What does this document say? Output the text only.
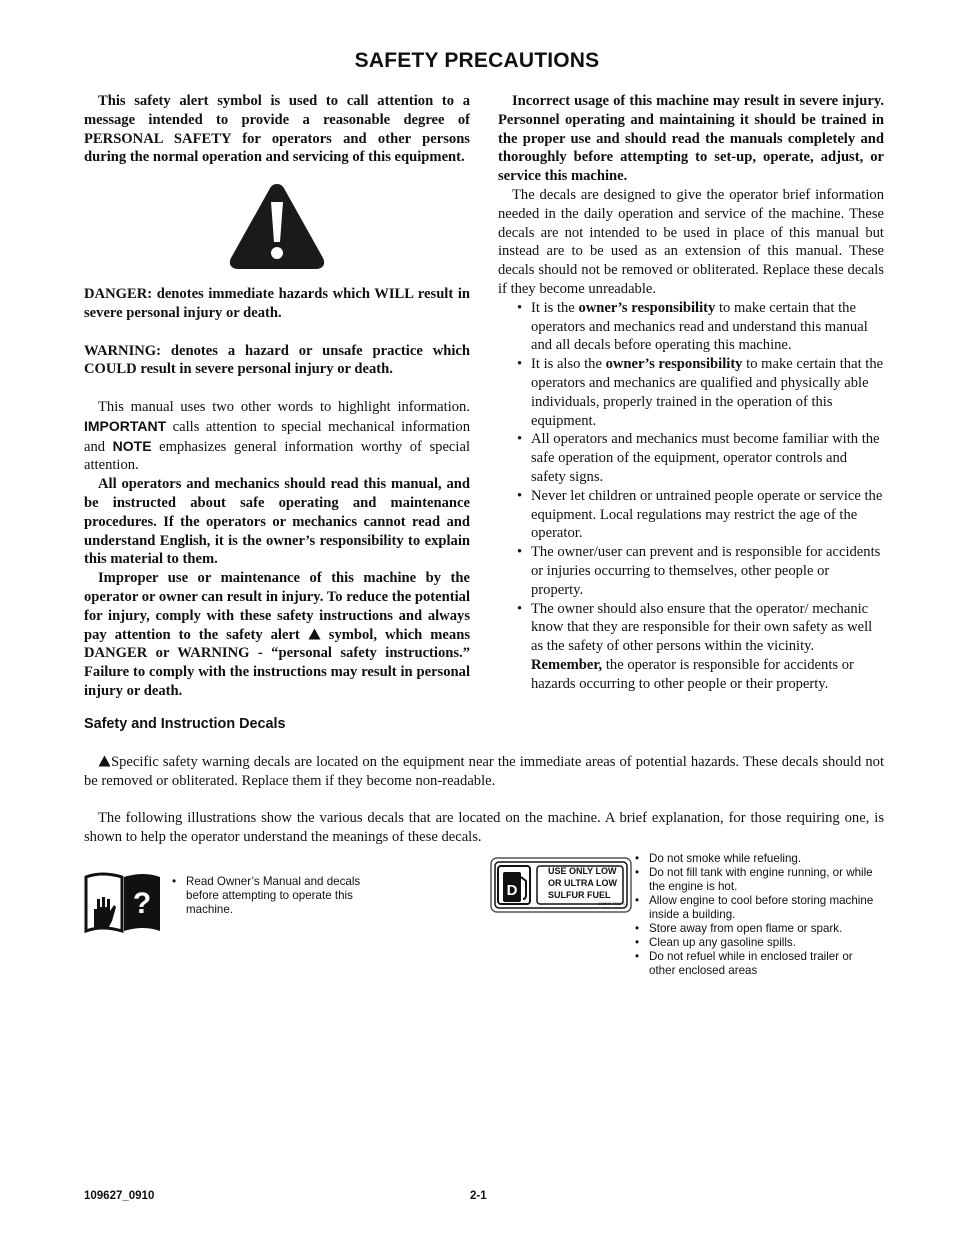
SAFETY PRECAUTIONS

This safety alert symbol is used to call attention to a message intended to provide a reasonable degree of PERSONAL SAFETY for operators and other persons during the normal operation and servicing of this equipment.

DANGER: denotes immediate hazards which WILL result in severe personal injury or death.

WARNING: denotes a hazard or unsafe practice which COULD result in severe personal injury or death.

This manual uses two other words to highlight information. IMPORTANT calls attention to special mechanical information and NOTE emphasizes general information worthy of special attention.

All operators and mechanics should read this manual, and be instructed about safe operating and maintenance procedures. If the operators or mechanics cannot read and understand English, it is the owner’s responsibility to explain this material to them.

Improper use or maintenance of this machine by the operator or owner can result in injury. To reduce the potential for injury, comply with these safety instructions and always pay attention to the safety alert symbol, which means DANGER or WARNING - “personal safety instructions.” Failure to comply with the instructions may result in personal injury or death.

Incorrect usage of this machine may result in severe injury. Personnel operating and maintaining it should be trained in the proper use and should read the manuals completely and thoroughly before attempting to set-up, operate, adjust, or service this machine.

The decals are designed to give the operator brief information needed in the daily operation and service of the machine. These decals are not intended to be used in place of this manual but instead are to be used as an extension of this manual. These decals should not be removed or obliterated. Replace these decals if they become unreadable.

• It is the owner’s responsibility to make certain that the operators and mechanics read and understand this manual and all decals before operating this machine.
• It is also the owner’s responsibility to make certain that the operators and mechanics are qualified and physically able individuals, properly trained in the operation of this equipment.
• All operators and mechanics must become familiar with the safe operation of the equipment, operator controls and safety signs.
• Never let children or untrained people operate or service the equipment. Local regulations may restrict the age of the operator.
• The owner/user can prevent and is responsible for accidents or injuries occurring to themselves, other people or property.
• The owner should also ensure that the operator/ mechanic know that they are responsible for their own safety as well as the safety of other persons within the vicinity. Remember, the operator is responsible for accidents or hazards occurring to other people or their property.
Safety and Instruction Decals

Specific safety warning decals are located on the equipment near the immediate areas of potential hazards. These decals should not be removed or obliterated. Replace them if they become non-readable.

The following illustrations show the various decals that are located on the machine. A brief explanation, for those requiring one, is shown to help the operator understand the meanings of these decals.

?
• Read Owner’s Manual and decals before attempting to operate this machine.
D
USE ONLY LOW
OR ULTRA LOW
SULFUR FUEL
128649 0811 S
• Do not smoke while refueling.
• Do not fill tank with engine running, or while the engine is hot.
• Allow engine to cool before storing machine inside a building.
• Store away from open flame or spark.
• Clean up any gasoline spills.
• Do not refuel while in enclosed trailer or other enclosed areas
109627_0910	2-1
